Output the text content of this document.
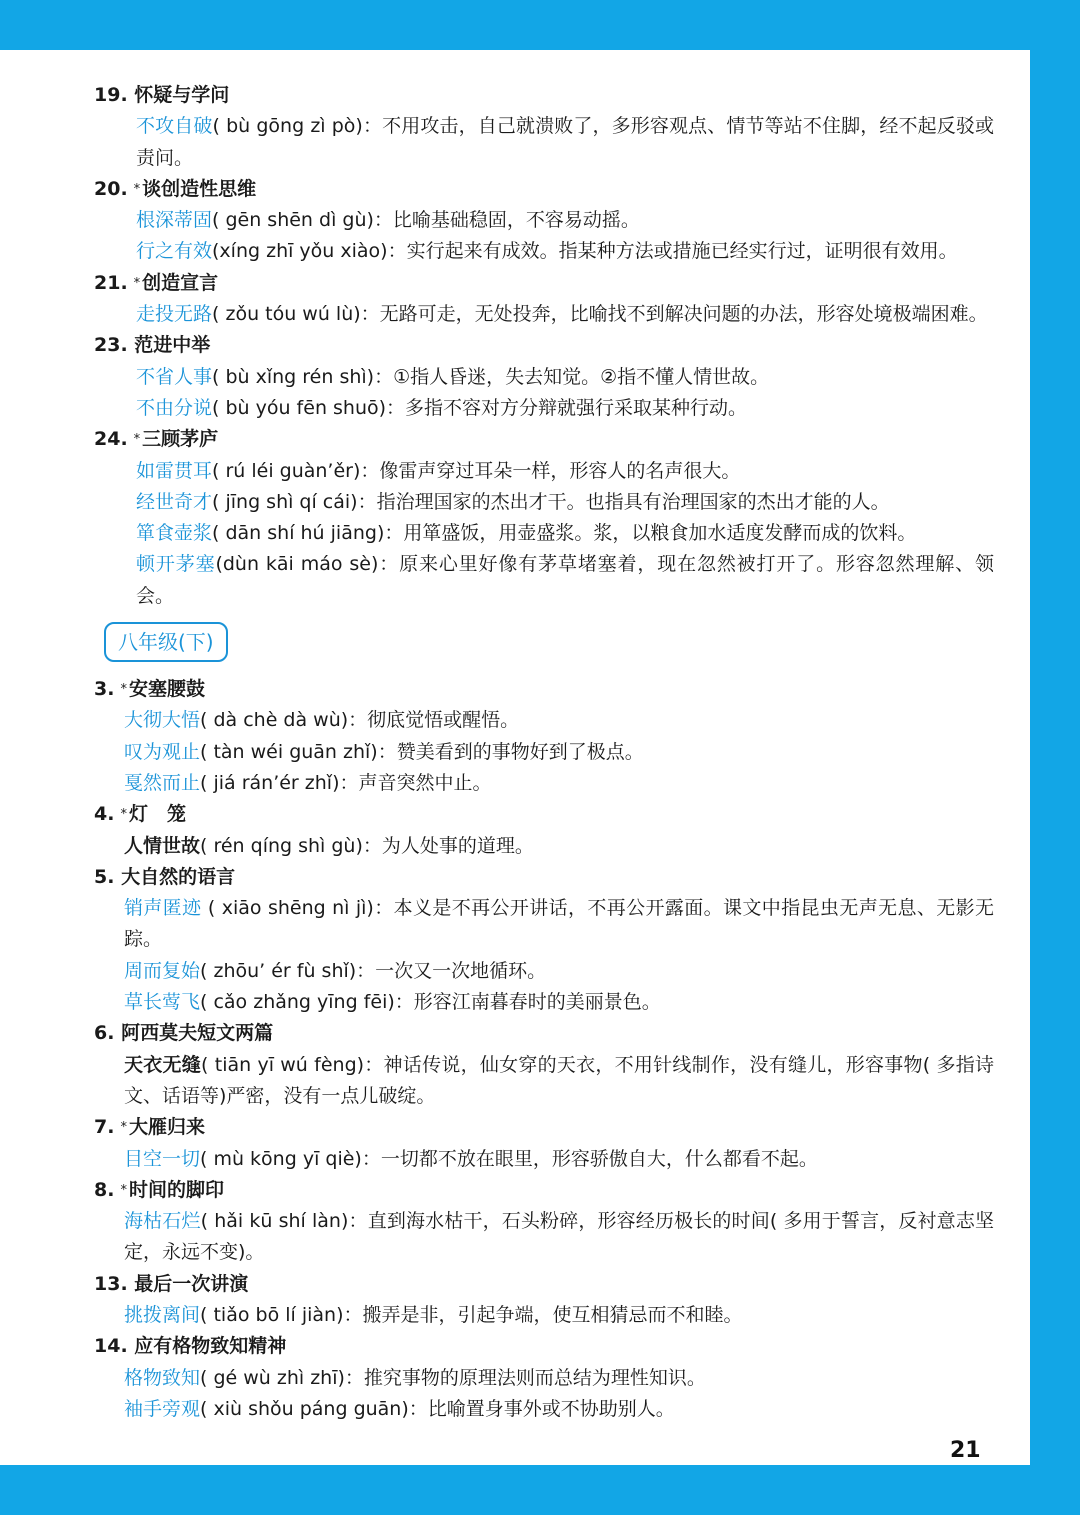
19. 怀疑与学问
不攻自破( bù gōng zì pò)：不用攻击，自己就溃败了，多形容观点、情节等站不住脚，经不起反驳或责问。
20. * 谈创造性思维
根深蒂固( gēn shēn dì gù)：比喻基础稳固，不容易动摇。
行之有效(xíng zhī yǒu xiào)：实行起来有成效。指某种方法或措施已经实行过，证明很有效用。
21. * 创造宣言
走投无路( zǒu tóu wú lù)：无路可走，无处投奔，比喻找不到解决问题的办法，形容处境极端困难。
23. 范进中举
不省人事( bù xǐng rén shì)：①指人昏迷，失去知觉。②指不懂人情世故。
不由分说( bù yóu fēn shuō)：多指不容对方分辩就强行采取某种行动。
24. * 三顾茅庐
如雷贯耳( rú léi guàn’ěr)：像雷声穿过耳朵一样，形容人的名声很大。
经世奇才( jīng shì qí cái)：指治理国家的杰出才干。也指具有治理国家的杰出才能的人。
箪食壶浆( dān shí hú jiāng)：用箪盛饭，用壶盛浆。浆，以粮食加水适度发酵而成的饮料。
顿开茅塞(dùn kāi máo sè)：原来心里好像有茅草堵塞着，现在忽然被打开了。形容忽然理解、领会。
八年级(下)
3. * 安塞腰鼓
大彻大悟( dà chè dà wù)：彻底觉悟或醒悟。
叹为观止( tàn wéi guān zhǐ)：赞美看到的事物好到了极点。
戛然而止( jiá rán’ér zhǐ)：声音突然中止。
4. * 灯　笼
人情世故( rén qíng shì gù)：为人处事的道理。
5. 大自然的语言
销声匿迹 ( xiāo shēng nì jì)：本义是不再公开讲话，不再公开露面。课文中指昆虫无声无息、无影无踪。
周而复始( zhōu’ ér fù shǐ)：一次又一次地循环。
草长莺飞( cǎo zhǎng yīng fēi)：形容江南暮春时的美丽景色。
6. 阿西莫夫短文两篇
天衣无缝( tiān yī wú fèng)：神话传说，仙女穿的天衣，不用针线制作，没有缝儿，形容事物( 多指诗文、话语等)严密，没有一点儿破绽。
7. * 大雁归来
目空一切( mù kōng yī qiè)：一切都不放在眼里，形容骄傲自大，什么都看不起。
8. * 时间的脚印
海枯石烂( hǎi kū shí làn)：直到海水枯干，石头粉碎，形容经历极长的时间( 多用于誓言，反衬意志坚定，永远不变)。
13. 最后一次讲演
挑拨离间( tiǎo bō lí jiàn)：搬弄是非，引起争端，使互相猜忌而不和睦。
14. 应有格物致知精神
格物致知( gé wù zhì zhī)：推究事物的原理法则而总结为理性知识。
袖手旁观( xiù shǒu páng guān)：比喻置身事外或不协助别人。
21
